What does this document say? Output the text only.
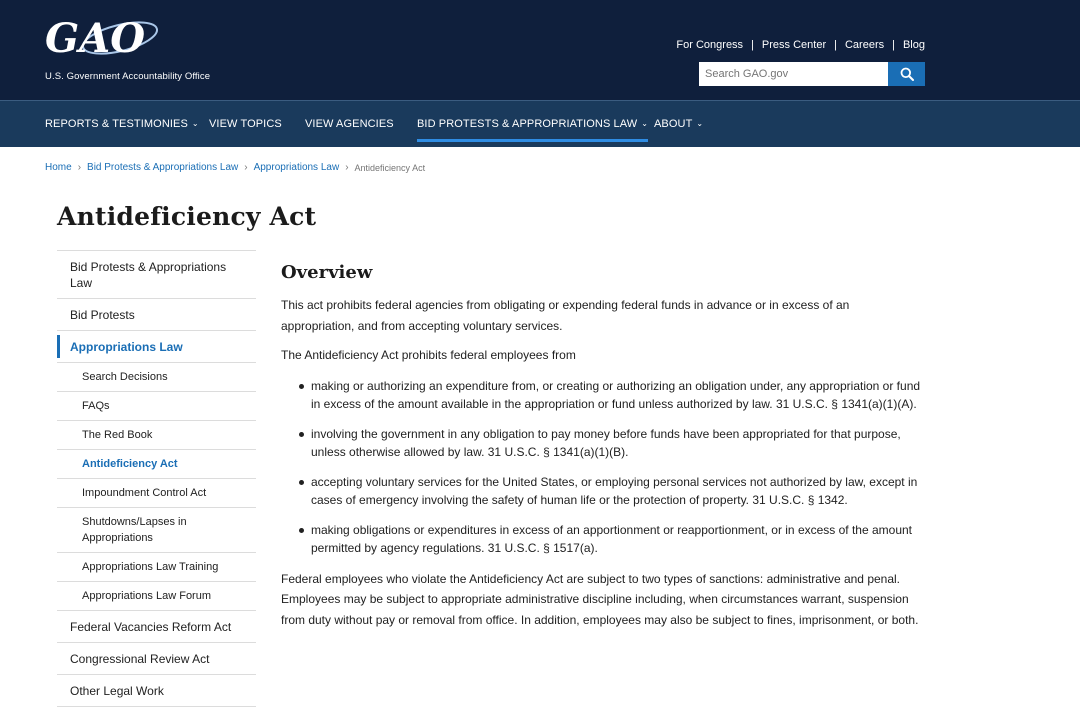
GAO
U.S. Government Accountability Office
For Congress | Press Center | Careers | Blog
Search GAO.gov
REPORTS & TESTIMONIES ⌄ VIEW TOPICS VIEW AGENCIES BID PROTESTS & APPROPRIATIONS LAW ⌄ ABOUT ⌄
Home › Bid Protests & Appropriations Law › Appropriations Law › Antideficiency Act
Antideficiency Act
Bid Protests & Appropriations Law
Bid Protests
Appropriations Law
Search Decisions
FAQs
The Red Book
Antideficiency Act
Impoundment Control Act
Shutdowns/Lapses in Appropriations
Appropriations Law Training
Appropriations Law Forum
Federal Vacancies Reform Act
Congressional Review Act
Other Legal Work
Overview

This act prohibits federal agencies from obligating or expending federal funds in advance or in excess of an appropriation, and from accepting voluntary services.

The Antideficiency Act prohibits federal employees from

making or authorizing an expenditure from, or creating or authorizing an obligation under, any appropriation or fund in excess of the amount available in the appropriation or fund unless authorized by law. 31 U.S.C. § 1341(a)(1)(A).
involving the government in any obligation to pay money before funds have been appropriated for that purpose, unless otherwise allowed by law. 31 U.S.C. § 1341(a)(1)(B).
accepting voluntary services for the United States, or employing personal services not authorized by law, except in cases of emergency involving the safety of human life or the protection of property. 31 U.S.C. § 1342.
making obligations or expenditures in excess of an apportionment or reapportionment, or in excess of the amount permitted by agency regulations. 31 U.S.C. § 1517(a).

Federal employees who violate the Antideficiency Act are subject to two types of sanctions: administrative and penal. Employees may be subject to appropriate administrative discipline including, when circumstances warrant, suspension from duty without pay or removal from office. In addition, employees may also be subject to fines, imprisonment, or both.
